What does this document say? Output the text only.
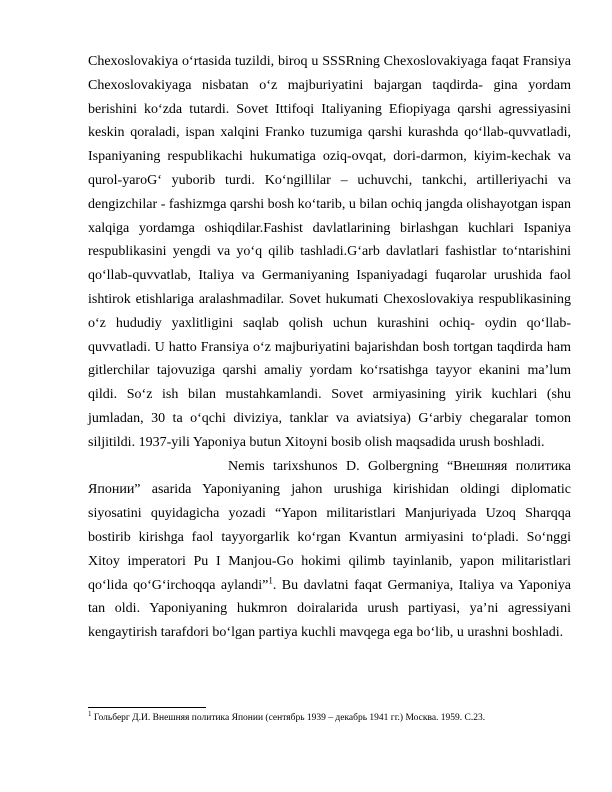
Chexoslovakiya o‘rtasida tuzildi, biroq u SSSRning Chexoslovakiyaga faqat Fransiya Chexoslovakiyaga nisbatan o‘z majburiyatini bajargan taqdirda- gina yordam berishini ko‘zda tutardi. Sovet Ittifoqi Italiyaning Efiopiyaga qarshi agressiyasini keskin qoraladi, ispan xalqini Franko tuzumiga qarshi kurashda qo‘llab-quvvatladi, Ispaniyaning respublikachi hukumatiga oziq-ovqat, dori-darmon, kiyim-kechak va qurol-yaroG‘ yuborib turdi. Ko‘ngillilar – uchuvchi, tankchi, artilleriyachi va dengizchilar - fashizmga qarshi bosh ko‘tarib, u bilan ochiq jangda olishayotgan ispan xalqiga yordamga oshiqdilar.Fashist davlatlarining birlashgan kuchlari Ispaniya respublikasini yengdi va yo‘q qilib tashladi.G‘arb davlatlari fashistlar to‘ntarishini qo‘llab-quvvatlab, Italiya va Germaniyaning Ispaniyadagi fuqarolar urushida faol ishtirok etishlariga aralashmadilar. Sovet hukumati Chexoslovakiya respublikasining o‘z hududiy yaxlitligini saqlab qolish uchun kurashini ochiq- oydin qo‘llab-quvvatladi. U hatto Fransiya o‘z majburiyatini bajarishdan bosh tortgan taqdirda ham gitlerchilar tajovuziga qarshi amaliy yordam ko‘rsatishga tayyor ekanini ma’lum qildi. So‘z ish bilan mustahkamlandi. Sovet armiyasining yirik kuchlari (shu jumladan, 30 ta o‘qchi diviziya, tanklar va aviatsiya) G‘arbiy chegaralar tomon siljitildi. 1937-yili Yaponiya butun Xitoyni bosib olish maqsadida urush boshladi.

Nemis tarixshunos D. Golbergning “Внешняя политика Японии” asarida Yaponiyaning jahon urushiga kirishidan oldingi diplomatic siyosatini quyidagicha yozadi “Yapon militaristlari Manjuriyada Uzoq Sharqqa bostirib kirishga faol tayyorgarlik ko‘rgan Kvantun armiyasini to‘pladi. So‘nggi Xitoy imperatori Pu I Manjou-Go hokimi qilimb tayinlanib, yapon militaristlari qo‘lida qo‘G‘irchoqqa aylandi”$^1$. Bu davlatni faqat Germaniya, Italiya va Yaponiya tan oldi. Yaponiyaning hukmron doiralarida urush partiyasi, ya’ni agressiyani kengaytirish tarafdori bo‘lgan partiya kuchli mavqega ega bo‘lib, u urashni boshladi.

$^1$ Гольберг Д.И. Внешняя политика Японии (сентябрь 1939 – декабрь 1941 гг.) Москва. 1959. С.23.
